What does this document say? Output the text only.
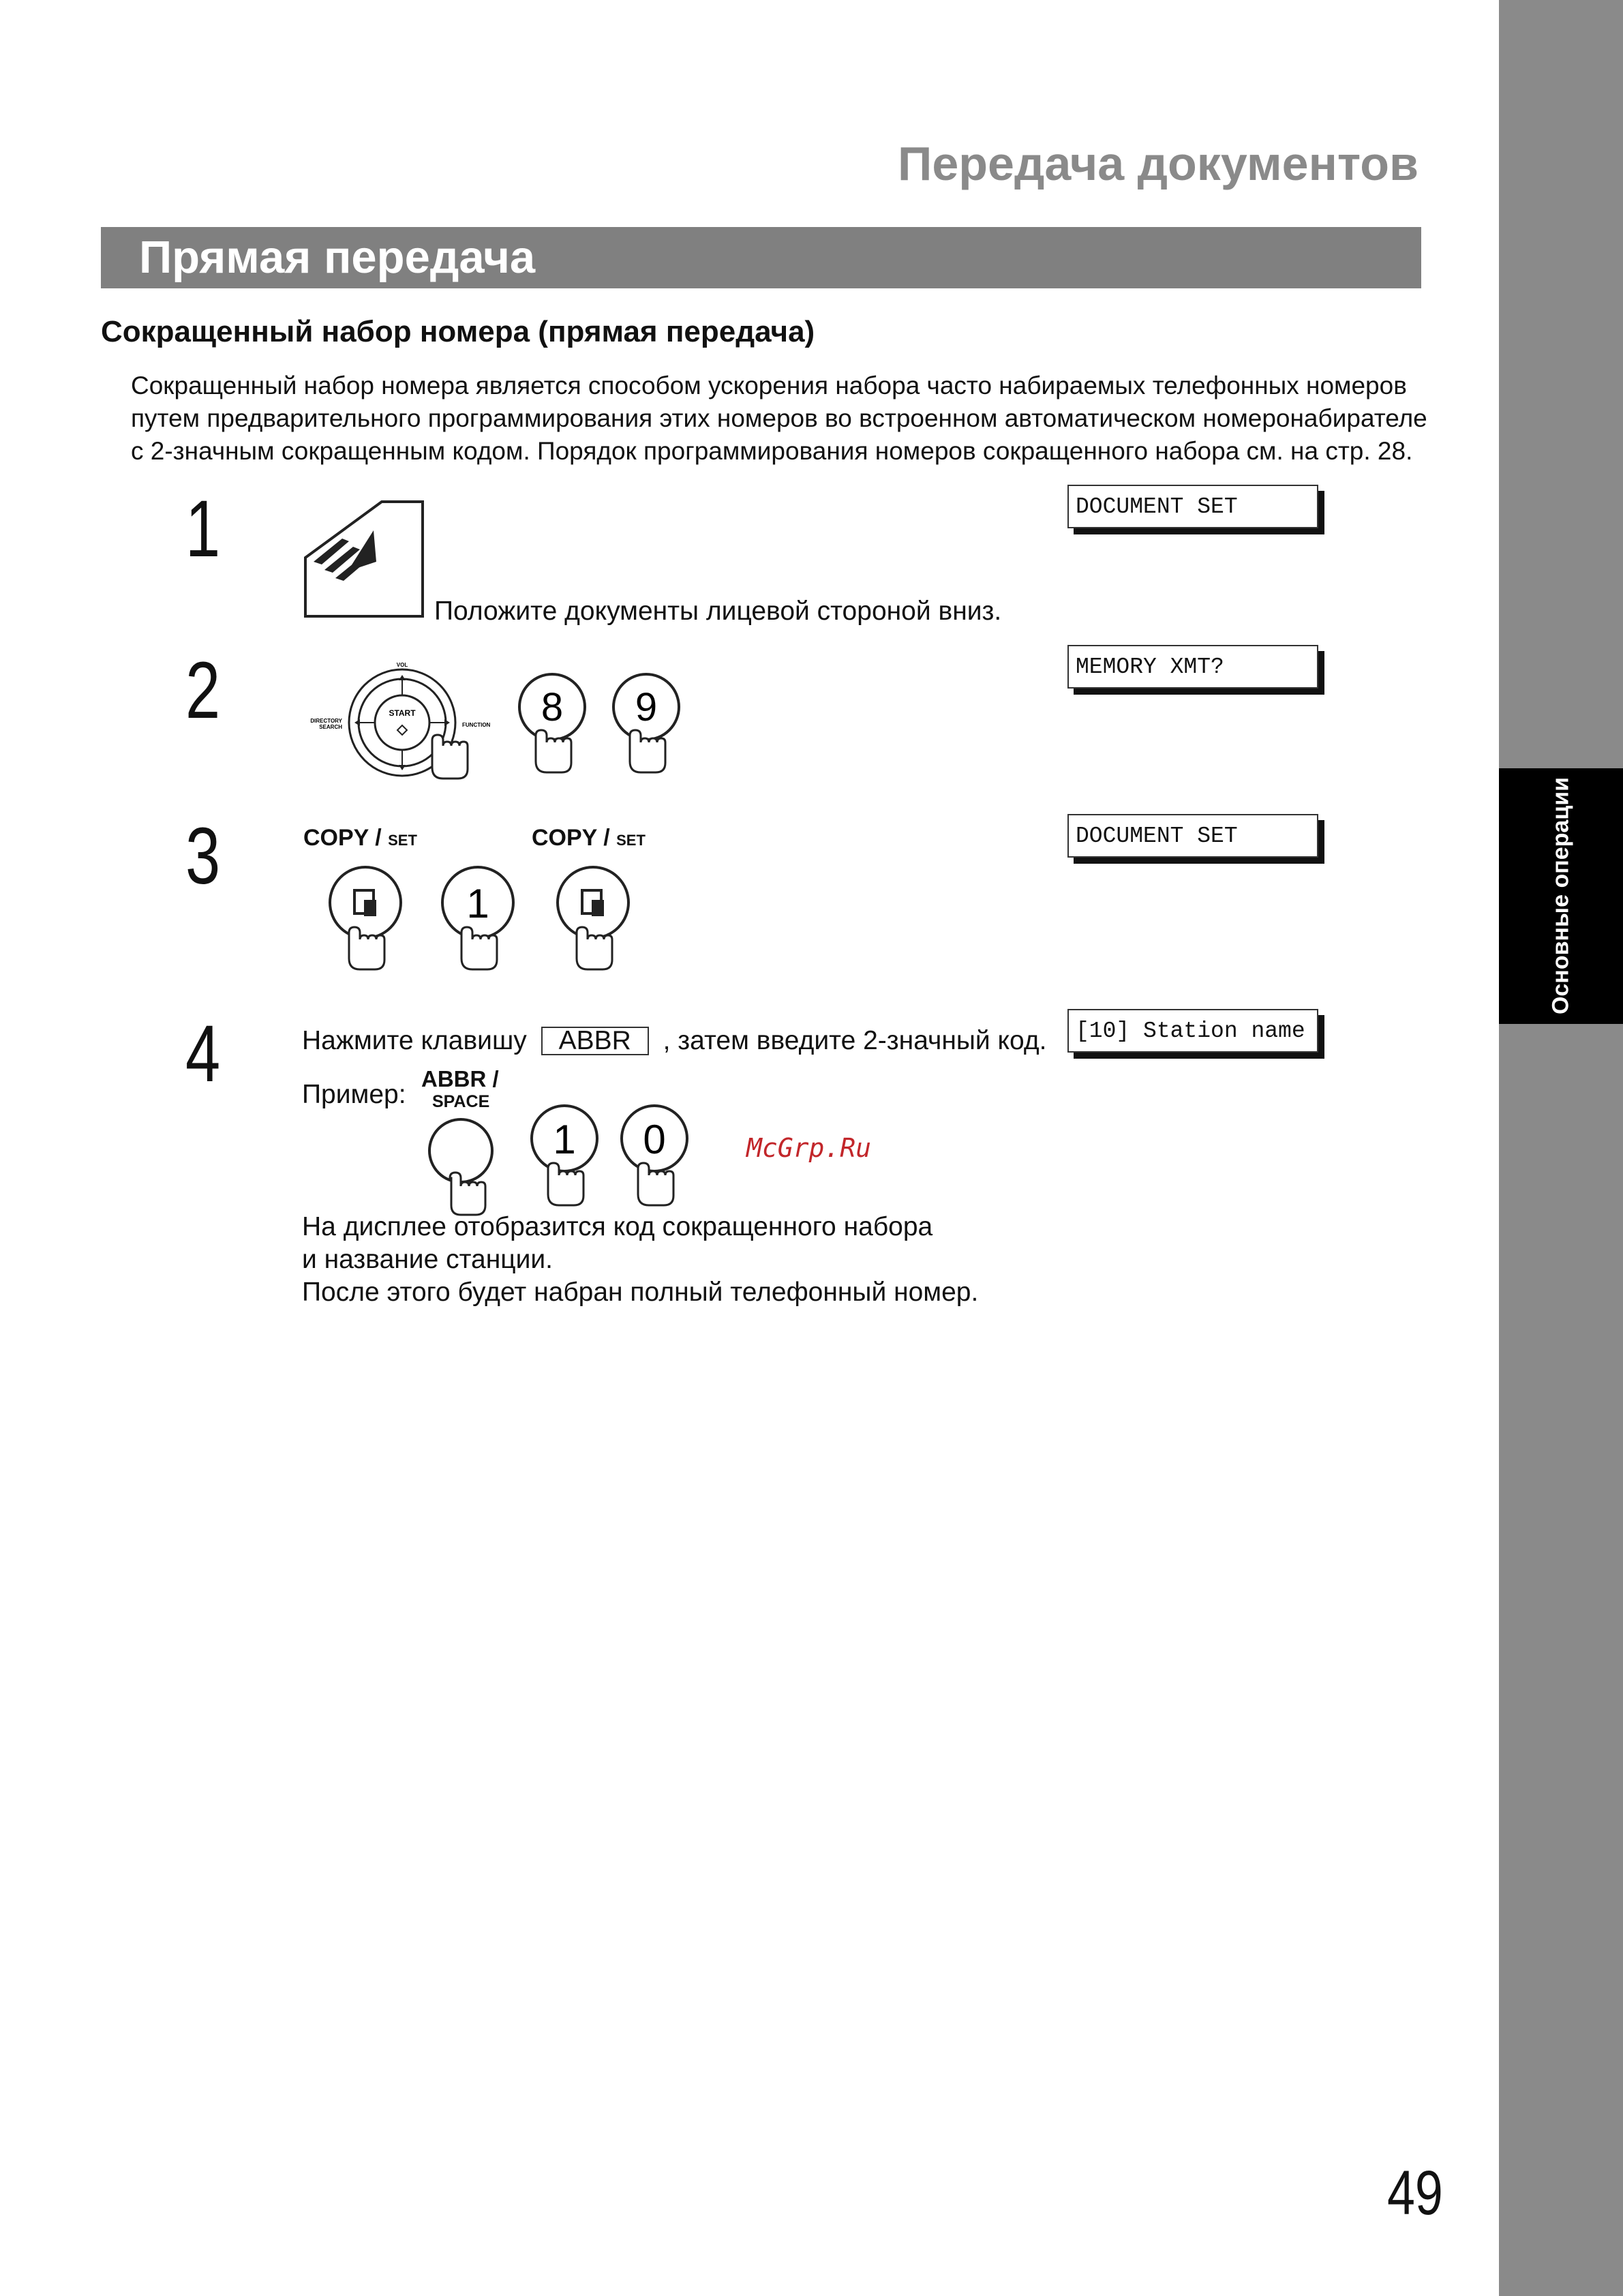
Основные операции
Передача документов
Прямая передача
Сокращенный набор номера (прямая передача)
Сокращенный набор номера является способом ускорения набора часто набираемых телефонных номеров
путем предварительного программирования этих номеров во встроенном автоматическом номеронабирателе
с 2-значным сокращенным кодом. Порядок программирования номеров сокращенного набора см. на стр. 28.
1
Положите документы лицевой стороной вниз.
DOCUMENT SET
2	START
VOL
DIRECTORY
SEARCH	FUNCTION 8 9
MEMORY XMT?
3	COPY / SET	COPY / SET
1
DOCUMENT SET
4	Нажмите клавишу ABBR , затем введите 2-значный код.	[10] Station name
Пример:
ABBR /
SPACE
1 0	McGrp.Ru
На дисплее отобразится код сокращенного набора
и название станции.
После этого будет набран полный телефонный номер.
49
